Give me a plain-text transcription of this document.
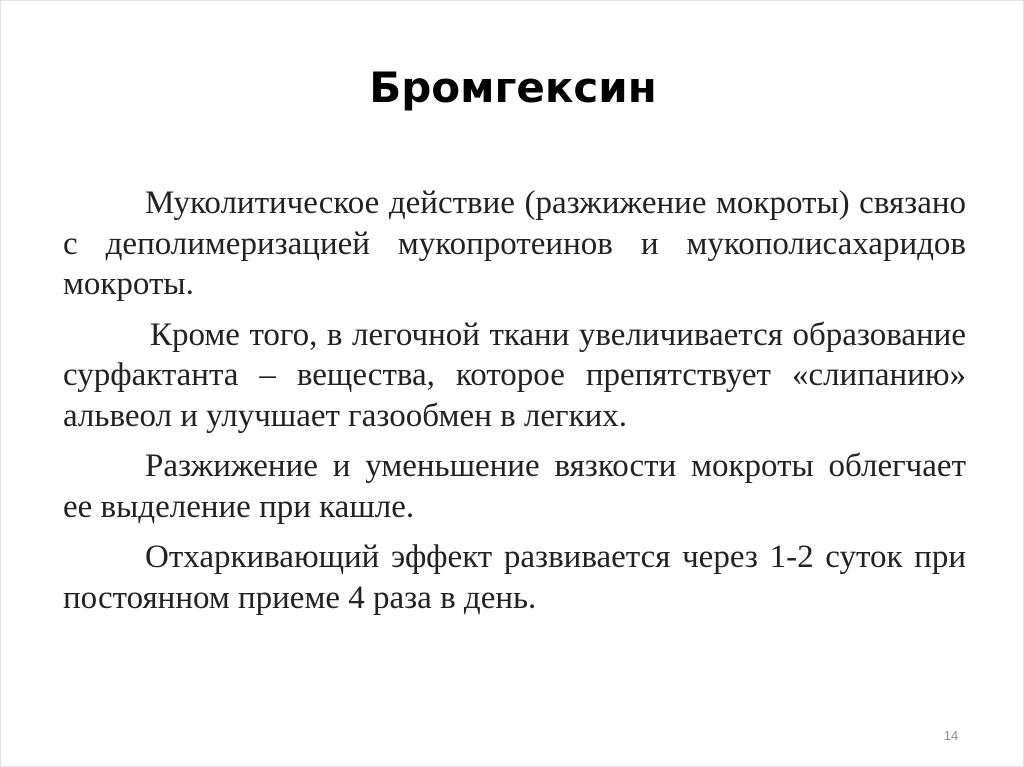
Бромгексин

Муколитическое действие (разжижение мокроты) связано с деполимеризацией мукопротеинов и мукополисахаридов мокроты.

Кроме того, в легочной ткани увеличивается образование сурфактанта – вещества, которое препятствует «слипанию» альвеол и улучшает газообмен в легких.

Разжижение и уменьшение вязкости мокроты облегчает ее выделение при кашле.

Отхаркивающий эффект развивается через 1-2 суток при постоянном приеме 4 раза в день.

14
